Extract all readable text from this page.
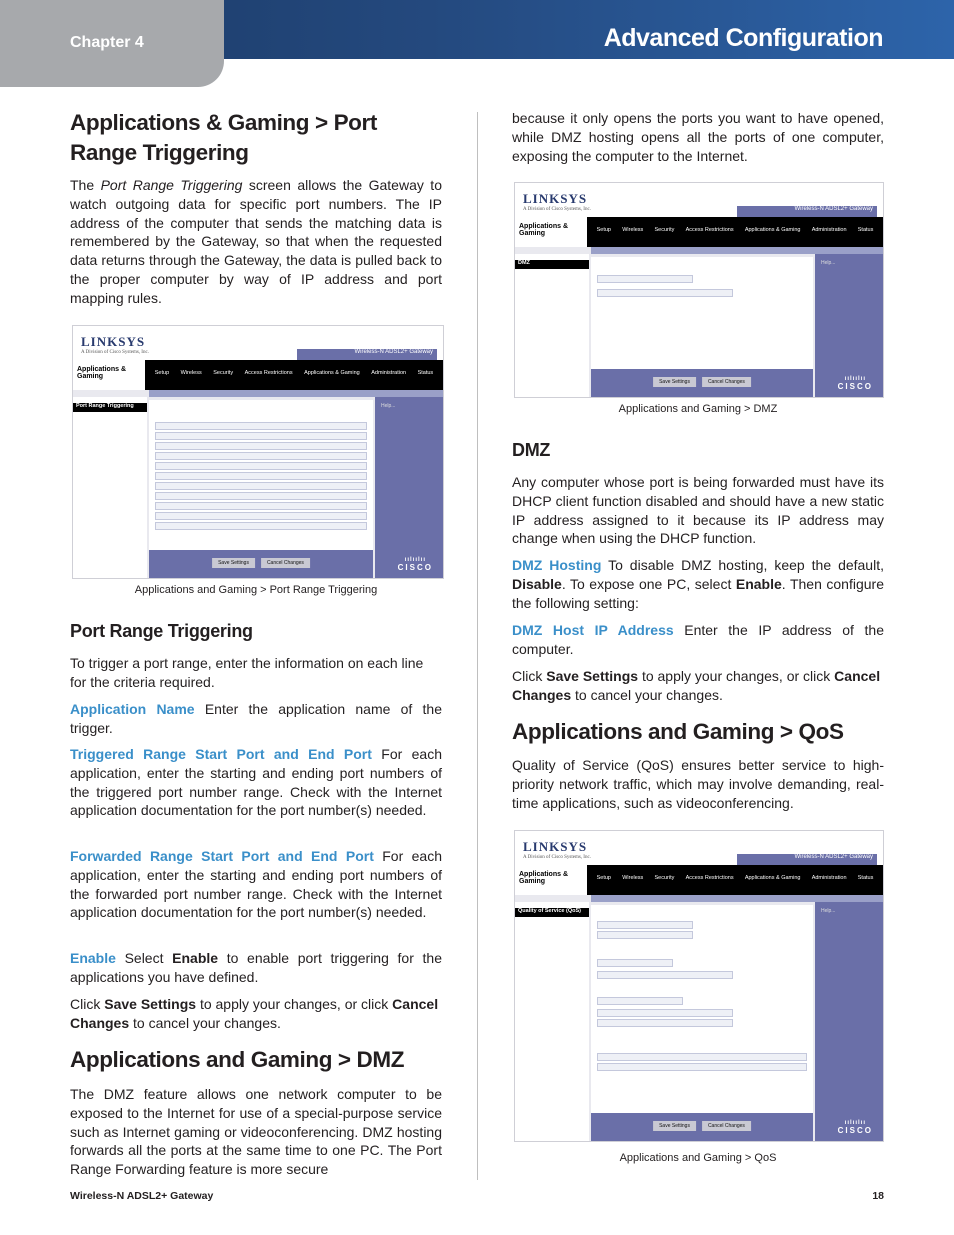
Chapter 4	Advanced Configuration
Applications & Gaming > Port Range Triggering

The Port Range Triggering screen allows the Gateway to watch outgoing data for specific port numbers. The IP address of the computer that sends the matching data is remembered by the Gateway, so that when the requested data returns through the Gateway, the data is pulled back to the proper computer by way of IP address and port mapping rules.

LINKSYS
A Division of Cisco Systems, Inc.	Wireless-N ADSL2+ Gateway
Applications & Gaming	Setup Wireless Security Access Restrictions Applications & Gaming Administration Status
Port Range Triggering	Help...
Save Settings	Cancel Changes	ıılıılıı
CISCO
Applications and Gaming > Port Range Triggering
Port Range Triggering

To trigger a port range, enter the information on each line for the criteria required.

Application Name Enter the application name of the trigger.

Triggered Range Start Port and End Port For each application, enter the starting and ending port numbers of the triggered port number range. Check with the Internet application documentation for the port number(s) needed.

Forwarded Range Start Port and End Port For each application, enter the starting and ending port numbers of the forwarded port number range. Check with the Internet application documentation for the port number(s) needed.

Enable Select Enable to enable port triggering for the applications you have defined.

Click Save Settings to apply your changes, or click Cancel Changes to cancel your changes.

Applications and Gaming > DMZ

The DMZ feature allows one network computer to be exposed to the Internet for use of a special-purpose service such as Internet gaming or videoconferencing. DMZ hosting forwards all the ports at the same time to one PC. The Port Range Forwarding feature is more secure

because it only opens the ports you want to have opened, while DMZ hosting opens all the ports of one computer, exposing the computer to the Internet.

LINKSYS
A Division of Cisco Systems, Inc.	Wireless-N ADSL2+ Gateway
Applications & Gaming	Setup Wireless Security Access Restrictions Applications & Gaming Administration Status
DMZ	Help...
Save Settings	Cancel Changes	ıılıılıı
CISCO
Applications and Gaming > DMZ
DMZ

Any computer whose port is being forwarded must have its DHCP client function disabled and should have a new static IP address assigned to it because its IP address may change when using the DHCP function.

DMZ Hosting To disable DMZ hosting, keep the default, Disable. To expose one PC, select Enable. Then configure the following setting:

DMZ Host IP Address Enter the IP address of the computer.

Click Save Settings to apply your changes, or click Cancel Changes to cancel your changes.

Applications and Gaming > QoS

Quality of Service (QoS) ensures better service to high-priority network traffic, which may involve demanding, real-time applications, such as videoconferencing.

LINKSYS
A Division of Cisco Systems, Inc.	Wireless-N ADSL2+ Gateway
Applications & Gaming	Setup Wireless Security Access Restrictions Applications & Gaming Administration Status
Quality of Service (QoS)	Help...
Save Settings	Cancel Changes	ıılıılıı
CISCO
Applications and Gaming > QoS
Wireless-N ADSL2+ Gateway	18
